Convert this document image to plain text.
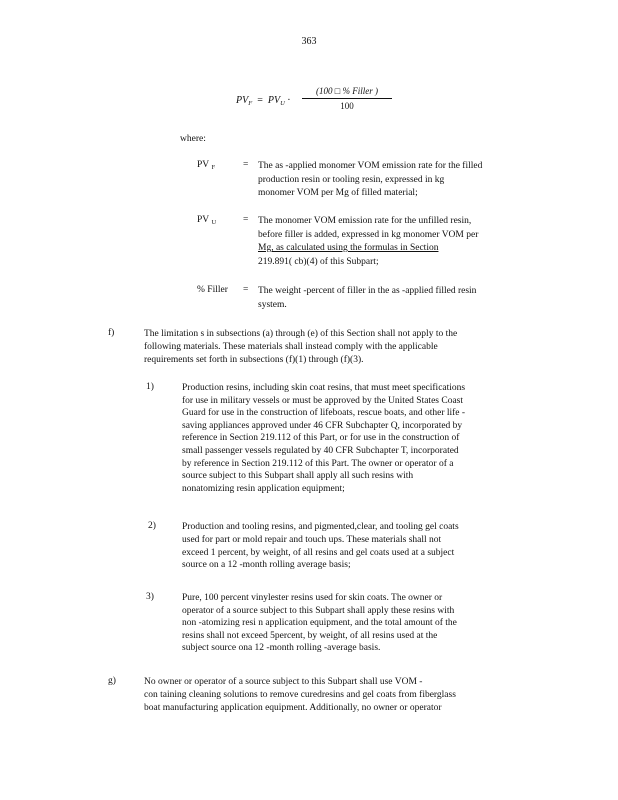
363
$PV_F = PV_U$ ·
(100 □ % Filler )
100
where:
PV $_F$	= The as -applied monomer VOM emission rate for the filled
production resin or tooling resin, expressed in kg
monomer VOM per Mg of filled material;
PV $_U$	= The monomer VOM emission rate for the unfilled resin,
before filler is added, expressed in kg monomer VOM per
Mg, as calculated using the formulas in Section
219.891( cb)(4) of this Subpart;
% Filler = The weight -percent of filler in the as -applied filled resin
system.
f)	The limitation s in subsections (a) through (e) of this Section shall not apply to the
following materials. These materials shall instead comply with the applicable
requirements set forth in subsections (f)(1) through (f)(3).
1)	Production resins, including skin coat resins, that must meet specifications
for use in military vessels or must be approved by the United States Coast
Guard for use in the construction of lifeboats, rescue boats, and other life -
saving appliances approved under 46 CFR Subchapter Q, incorporated by
reference in Section 219.112 of this Part, or for use in the construction of
small passenger vessels regulated by 40 CFR Subchapter T, incorporated
by reference in Section 219.112 of this Part. The owner or operator of a
source subject to this Subpart shall apply all such resins with
nonatomizing resin application equipment;
2)	Production and tooling resins, and pigmented,clear, and tooling gel coats
used for part or mold repair and touch ups. These materials shall not
exceed 1 percent, by weight, of all resins and gel coats used at a subject
source on a 12 -month rolling average basis;
3)	Pure, 100 percent vinylester resins used for skin coats. The owner or
operator of a source subject to this Subpart shall apply these resins with
non -atomizing resi n application equipment, and the total amount of the
resins shall not exceed 5percent, by weight, of all resins used at the
subject source ona 12 -month rolling -average basis.
g)	No owner or operator of a source subject to this Subpart shall use VOM -
con taining cleaning solutions to remove curedresins and gel coats from fiberglass
boat manufacturing application equipment. Additionally, no owner or operator
